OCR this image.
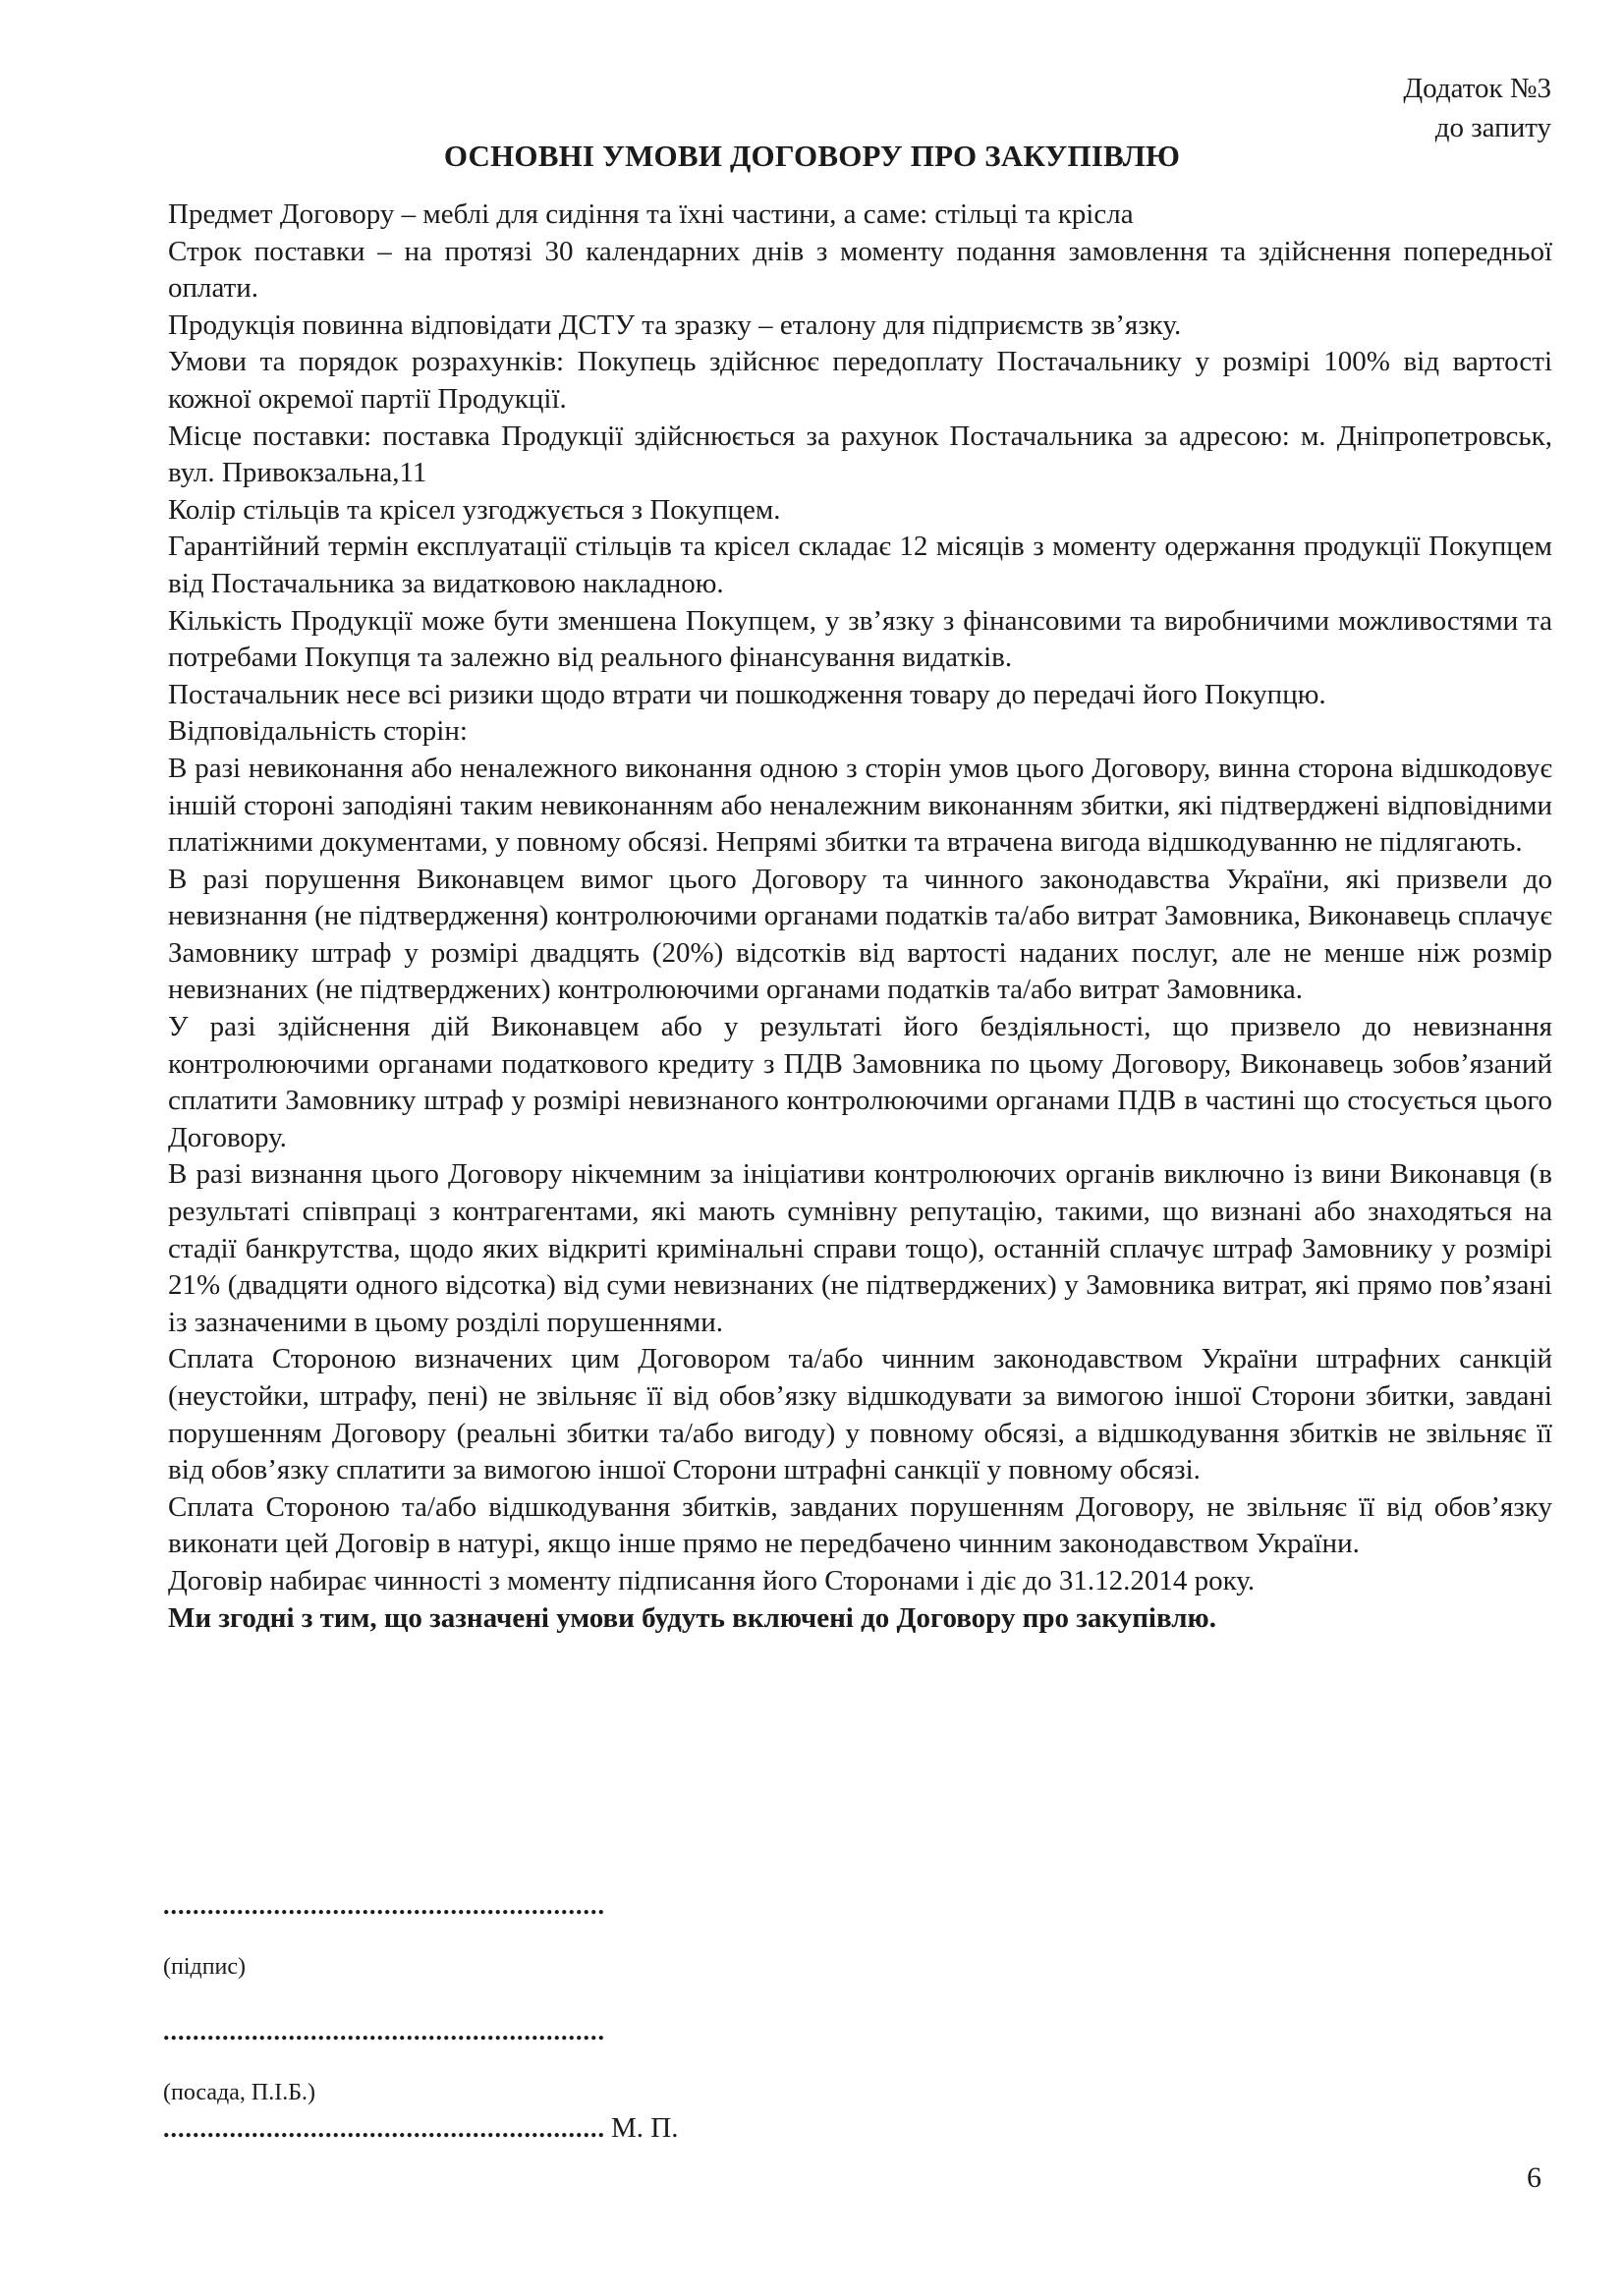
Додаток №3
до запиту
ОСНОВНІ УМОВИ ДОГОВОРУ ПРО ЗАКУПІВЛЮ

Предмет Договору – меблі для сидіння та їхні частини, а саме: стільці та крісла

Строк поставки – на протязі 30 календарних днів з моменту подання замовлення та здійснення попередньої оплати.

Продукція повинна відповідати ДСТУ та зразку – еталону для підприємств зв’язку.

Умови та порядок розрахунків: Покупець здійснює передоплату Постачальнику у розмірі 100% від вартості кожної окремої партії Продукції.

Місце поставки: поставка Продукції здійснюється за рахунок Постачальника за адресою: м. Дніпропетровськ, вул. Привокзальна,11

Колір стільців та крісел узгоджується з Покупцем.

Гарантійний термін експлуатації стільців та крісел складає 12 місяців з моменту одержання продукції Покупцем від Постачальника за видатковою накладною.

Кількість Продукції може бути зменшена Покупцем, у зв’язку з фінансовими та виробничими можливостями та потребами Покупця та залежно від реального фінансування видатків.

Постачальник несе всі ризики щодо втрати чи пошкодження товару до передачі його Покупцю.

Відповідальність сторін:

В разі невиконання або неналежного виконання одною з сторін умов цього Договору, винна сторона відшкодовує іншій стороні заподіяні таким невиконанням або неналежним виконанням збитки, які підтверджені відповідними платіжними документами, у повному обсязі. Непрямі збитки та втрачена вигода відшкодуванню не підлягають.

В разі порушення Виконавцем вимог цього Договору та чинного законодавства України, які призвели до невизнання (не підтвердження) контролюючими органами податків та/або витрат Замовника, Виконавець сплачує Замовнику штраф у розмірі двадцять (20%) відсотків від вартості наданих послуг, але не менше ніж розмір невизнаних (не підтверджених) контролюючими органами податків та/або витрат Замовника.

У разі здійснення дій Виконавцем або у результаті його бездіяльності, що призвело до невизнання контролюючими органами податкового кредиту з ПДВ Замовника по цьому Договору, Виконавець зобов’язаний сплатити Замовнику штраф у розмірі невизнаного контролюючими органами ПДВ в частині що стосується цього Договору.

В разі визнання цього Договору нікчемним за ініціативи контролюючих органів виключно із вини Виконавця (в результаті співпраці з контрагентами, які мають сумнівну репутацію, такими, що визнані або знаходяться на стадії банкрутства, щодо яких відкриті кримінальні справи тощо), останній сплачує штраф Замовнику у розмірі 21% (двадцяти одного відсотка) від суми невизнаних (не підтверджених) у Замовника витрат, які прямо пов’язані із зазначеними в цьому розділі порушеннями.

Сплата Стороною визначених цим Договором та/або чинним законодавством України штрафних санкцій (неустойки, штрафу, пені) не звільняє її від обов’язку відшкодувати за вимогою іншої Сторони збитки, завдані порушенням Договору (реальні збитки та/або вигоду) у повному обсязі, а відшкодування збитків не звільняє її від обов’язку сплатити за вимогою іншої Сторони штрафні санкції у повному обсязі.

Сплата Стороною та/або відшкодування збитків, завданих порушенням Договору, не звільняє її від обов’язку виконати цей Договір в натурі, якщо інше прямо не передбачено чинним законодавством України.

Договір набирає чинності з моменту підписання його Сторонами і діє до 31.12.2014 року.

Ми згодні з тим, що зазначені умови будуть включені до Договору про закупівлю.

............................................................
(підпис)
............................................................
(посада, П.І.Б.)
............................................................ М. П.
6
